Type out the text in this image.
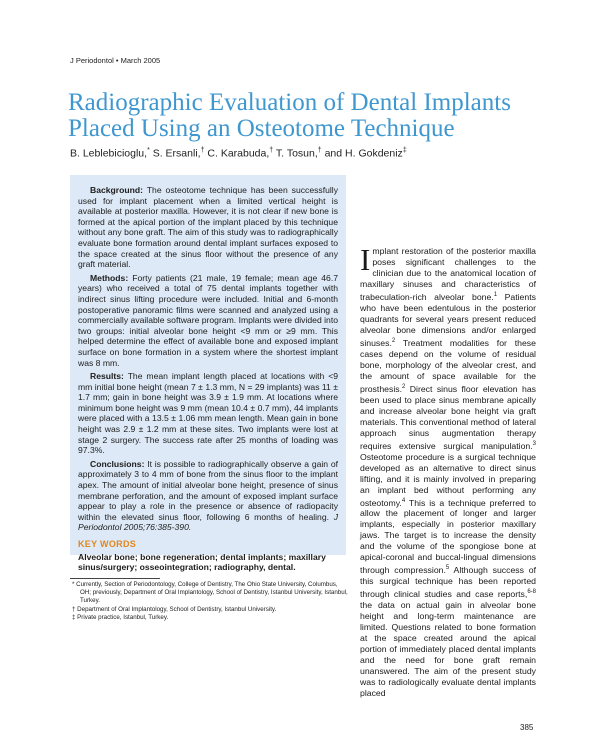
J Periodontol • March 2005
Radiographic Evaluation of Dental Implants Placed Using an Osteotome Technique
B. Leblebicioglu,* S. Ersanli,† C. Karabuda,† T. Tosun,† and H. Gokdeniz‡

Background: The osteotome technique has been successfully used for implant placement when a limited vertical height is available at posterior maxilla. However, it is not clear if new bone is formed at the apical portion of the implant placed by this technique without any bone graft. The aim of this study was to radiographically evaluate bone formation around dental implant surfaces exposed to the space created at the sinus floor without the presence of any graft material.

Methods: Forty patients (21 male, 19 female; mean age 46.7 years) who received a total of 75 dental implants together with indirect sinus lifting procedure were included. Initial and 6-month postoperative panoramic films were scanned and analyzed using a commercially available software program. Implants were divided into two groups: initial alveolar bone height <9 mm or ≥9 mm. This helped determine the effect of available bone and exposed implant surface on bone formation in a system where the shortest implant was 8 mm.

Results: The mean implant length placed at locations with <9 mm initial bone height (mean 7 ± 1.3 mm, N = 29 implants) was 11 ± 1.7 mm; gain in bone height was 3.9 ± 1.9 mm. At locations where minimum bone height was 9 mm (mean 10.4 ± 0.7 mm), 44 implants were placed with a 13.5 ± 1.06 mm mean length. Mean gain in bone height was 2.9 ± 1.2 mm at these sites. Two implants were lost at stage 2 surgery. The success rate after 25 months of loading was 97.3%.

Conclusions: It is possible to radiographically observe a gain of approximately 3 to 4 mm of bone from the sinus floor to the implant apex. The amount of initial alveolar bone height, presence of sinus membrane perforation, and the amount of exposed implant surface appear to play a role in the presence or absence of radiopacity within the elevated sinus floor, following 6 months of healing. J Periodontol 2005;76:385-390.

KEY WORDS
Alveolar bone; bone regeneration; dental implants; maxillary sinus/surgery; osseointegration; radiography, dental.
* Currently, Section of Periodontology, College of Dentistry, The Ohio State University, Columbus, OH; previously, Department of Oral Implantology, School of Dentistry, Istanbul University, Istanbul, Turkey.
† Department of Oral Implantology, School of Dentistry, Istanbul University.
‡ Private practice, Istanbul, Turkey.

Implant restoration of the posterior maxilla poses significant challenges to the clinician due to the anatomical location of maxillary sinuses and characteristics of trabeculation-rich alveolar bone.$^1$ Patients who have been edentulous in the posterior quadrants for several years present reduced alveolar bone dimensions and/or enlarged sinuses.$^2$ Treatment modalities for these cases depend on the volume of residual bone, morphology of the alveolar crest, and the amount of space available for the prosthesis.$^2$ Direct sinus floor elevation has been used to place sinus membrane apically and increase alveolar bone height via graft materials. This conventional method of lateral approach sinus augmentation therapy requires extensive surgical manipulation.$^3$ Osteotome procedure is a surgical technique developed as an alternative to direct sinus lifting, and it is mainly involved in preparing an implant bed without performing any osteotomy.$^4$ This is a technique preferred to allow the placement of longer and larger implants, especially in posterior maxillary jaws. The target is to increase the density and the volume of the spongiose bone at apical-coronal and buccal-lingual dimensions through compression.$^5$ Although success of this surgical technique has been reported through clinical studies and case reports,$^{6-8}$ the data on actual gain in alveolar bone height and long-term maintenance are limited. Questions related to bone formation at the space created around the apical portion of immediately placed dental implants and the need for bone graft remain unanswered. The aim of the present study was to radiologically evaluate dental implants placed

385
